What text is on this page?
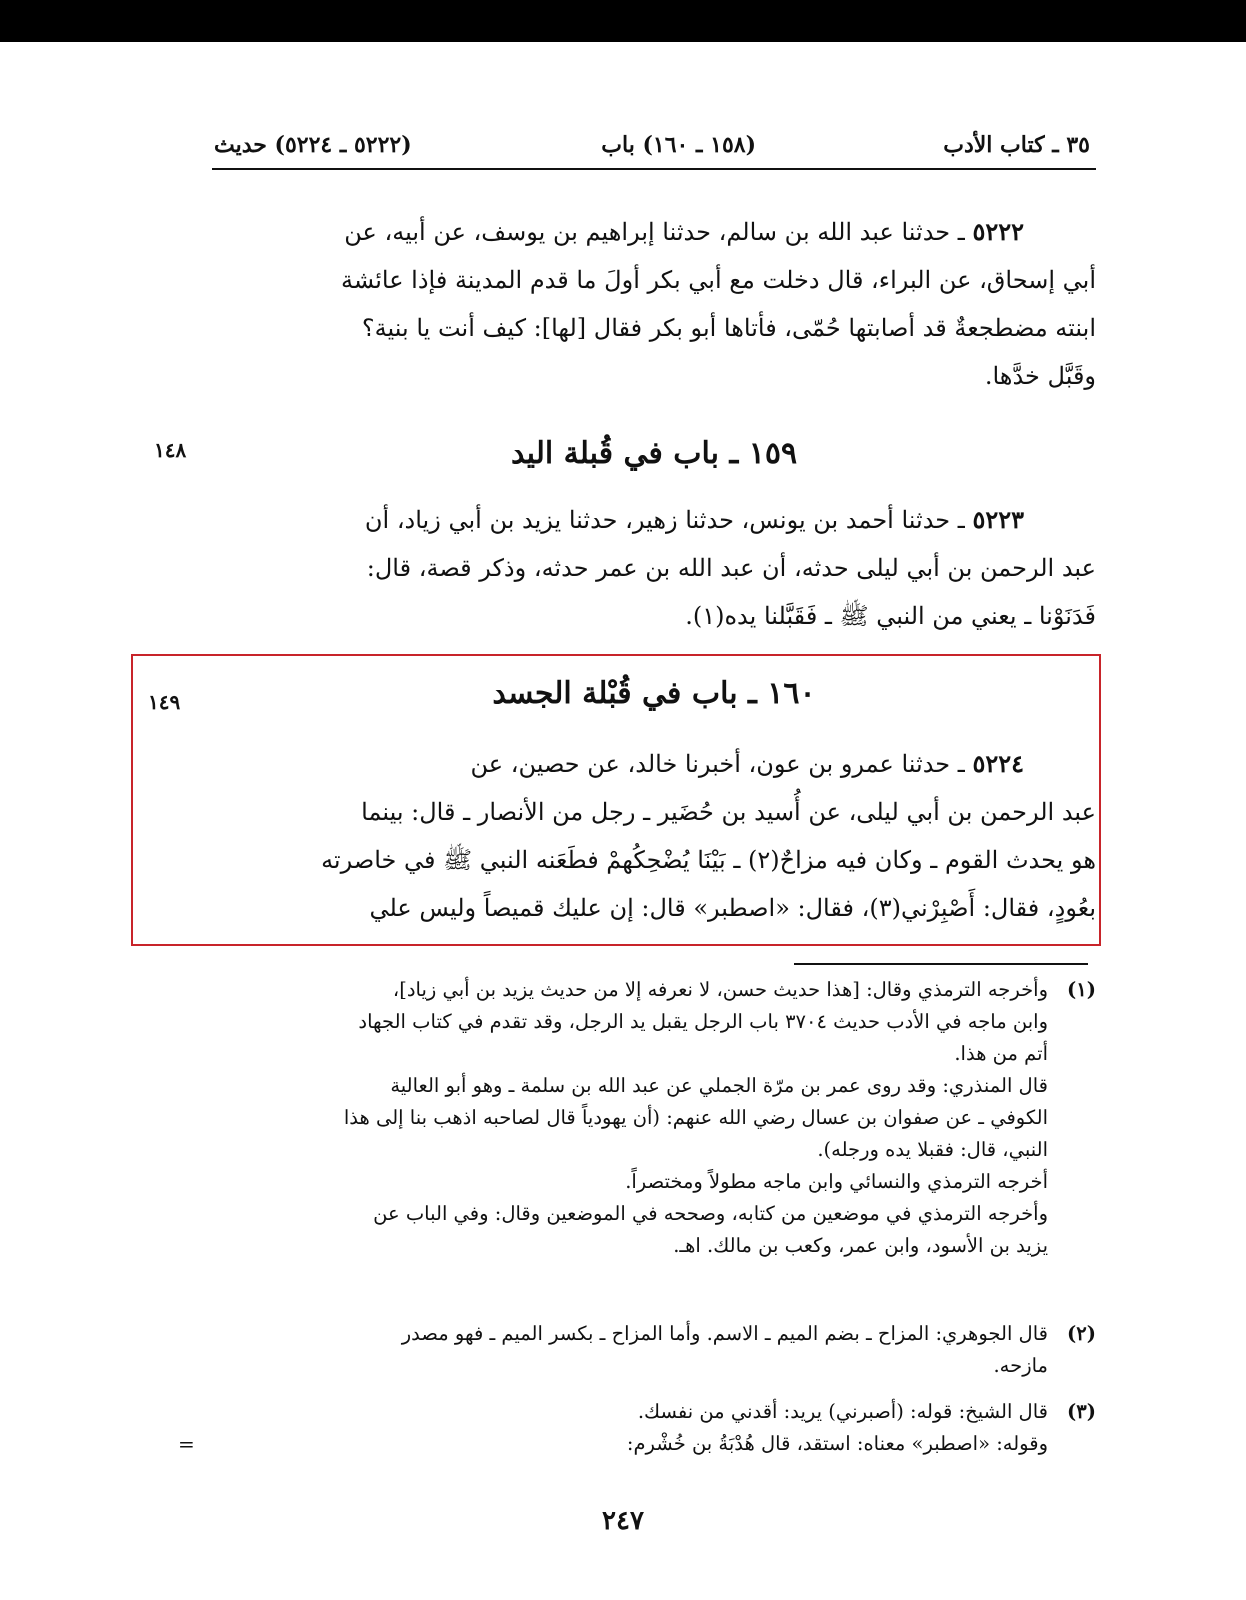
٣٥ ـ كتاب الأدب
(١٥٨ ـ ١٦٠) باب
(٥٢٢٢ ـ ٥٢٢٤) حديث
٥٢٢٢ ـ حدثنا عبد الله بن سالم، حدثنا إبراهيم بن يوسف، عن أبيه، عن
أبي إسحاق، عن البراء، قال دخلت مع أبي بكر أولَ ما قدم المدينة فإذا عائشة
ابنته مضطجعةٌ قد أصابتها حُمّى، فأتاها أبو بكر فقال [لها]: كيف أنت يا بنية؟
وقَبَّل خدَّها.
١٥٩ ـ باب في قُبلة اليد
١٤٨
٥٢٢٣ ـ حدثنا أحمد بن يونس، حدثنا زهير، حدثنا يزيد بن أبي زياد، أن
عبد الرحمن بن أبي ليلى حدثه، أن عبد الله بن عمر حدثه، وذكر قصة، قال:
فَدَنَوْنا ـ يعني من النبي ﷺ ـ فَقَبَّلنا يده(١).
١٦٠ ـ باب في قُبْلة الجسد
١٤٩
٥٢٢٤ ـ حدثنا عمرو بن عون، أخبرنا خالد، عن حصين، عن
عبد الرحمن بن أبي ليلى، عن أُسيد بن حُضَير ـ رجل من الأنصار ـ قال: بينما
هو يحدث القوم ـ وكان فيه مزاحٌ(٢) ـ بَيْنَا يُضْحِكُهمْ فطَعَنه النبي ﷺ في خاصرته
بعُودٍ، فقال: أَصْبِرْني(٣)، فقال: «اصطبر» قال: إن عليك قميصاً وليس علي
(١)
وأخرجه الترمذي وقال: [هذا حديث حسن، لا نعرفه إلا من حديث يزيد بن أبي زياد]،
وابن ماجه في الأدب حديث ٣٧٠٤ باب الرجل يقبل يد الرجل، وقد تقدم في كتاب الجهاد
أتم من هذا.
قال المنذري: وقد روى عمر بن مرّة الجملي عن عبد الله بن سلمة ـ وهو أبو العالية
الكوفي ـ عن صفوان بن عسال رضي الله عنهم: (أن يهودياً قال لصاحبه اذهب بنا إلى هذا
النبي، قال: فقبلا يده ورجله).
أخرجه الترمذي والنسائي وابن ماجه مطولاً ومختصراً.
وأخرجه الترمذي في موضعين من كتابه، وصححه في الموضعين وقال: وفي الباب عن
يزيد بن الأسود، وابن عمر، وكعب بن مالك. اهـ.
(٢)
قال الجوهري: المزاح ـ بضم الميم ـ الاسم. وأما المزاح ـ بكسر الميم ـ فهو مصدر
مازحه.
(٣)
قال الشيخ: قوله: (أصبرني) يريد: أقدني من نفسك.
وقوله: «اصطبر» معناه: استقد، قال هُدْبَةُ بن خُشْرم:
=
٢٤٧
